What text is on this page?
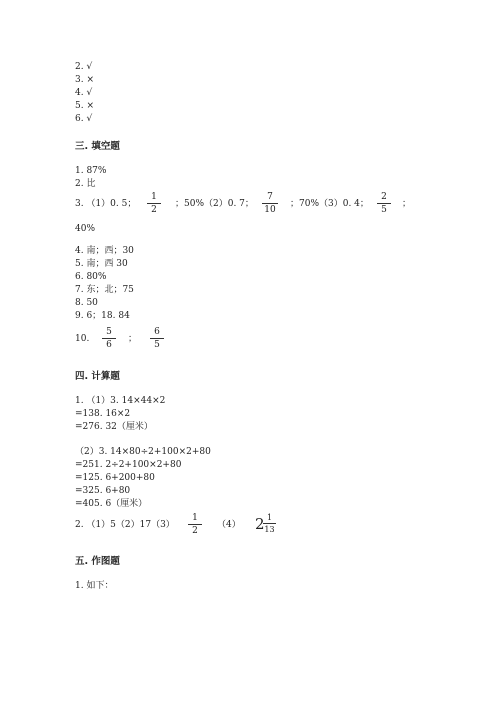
2. √
3. ×
4. √
5. ×
6. √
三. 填空题
1. 87%
2. 比
3. （1）0. 5；
1
2
；50%（2）0. 7；
7
10
；70%（3）0. 4；
2
5
；
40%
4. 南；西；30
5. 南；西 30
6. 80%
7. 东；北；75
8. 50
9. 6；18. 84
10.
5
6
；
6
5
四. 计算题
1. （1）3. 14×44×2
=138. 16×2
=276. 32（厘米）
（2）3. 14×80÷2+100×2+80
=251. 2÷2+100×2+80
=125. 6+200+80
=325. 6+80
=405. 6（厘米）
2. （1）5（2）17（3）
1
2
（4） 2 1
13
五. 作图题
1. 如下：
